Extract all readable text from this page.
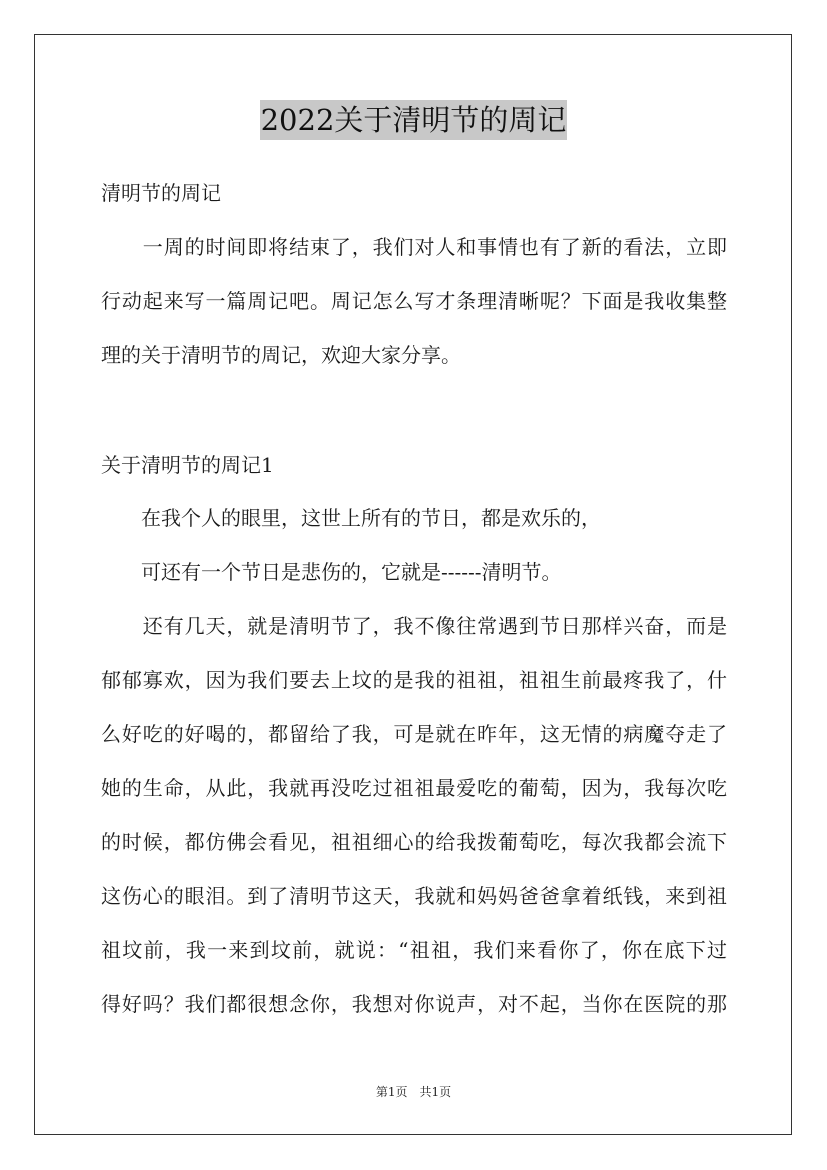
2022关于清明节的周记
清明节的周记
　　一周的时间即将结束了，我们对人和事情也有了新的看法，立即
行动起来写一篇周记吧。周记怎么写才条理清晰呢？下面是我收集整
理的关于清明节的周记，欢迎大家分享。
关于清明节的周记1
　　在我个人的眼里，这世上所有的节日，都是欢乐的，
　　可还有一个节日是悲伤的，它就是------清明节。
　　还有几天，就是清明节了，我不像往常遇到节日那样兴奋，而是
郁郁寡欢，因为我们要去上坟的是我的祖祖，祖祖生前最疼我了，什
么好吃的好喝的，都留给了我，可是就在昨年，这无情的病魔夺走了
她的生命，从此，我就再没吃过祖祖最爱吃的葡萄，因为，我每次吃
的时候，都仿佛会看见，祖祖细心的给我拨葡萄吃，每次我都会流下
这伤心的眼泪。到了清明节这天，我就和妈妈爸爸拿着纸钱，来到祖
祖坟前，我一来到坟前，就说：“祖祖，我们来看你了，你在底下过
得好吗？我们都很想念你，我想对你说声，对不起，当你在医院的那
第1页　共1页
